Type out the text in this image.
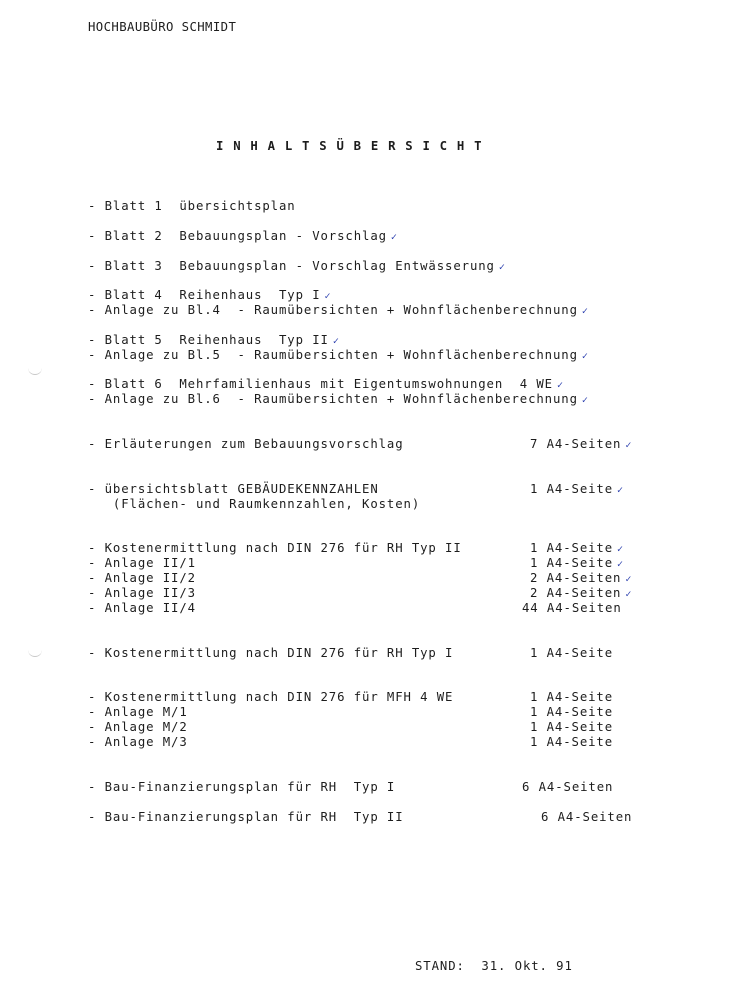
HOCHBAUBÜRO SCHMIDT
I N H A L T S Ü B E R S I C H T
- Blatt 1  übersichtsplan
- Blatt 2  Bebauungsplan - Vorschlag ✓
- Blatt 3  Bebauungsplan - Vorschlag Entwässerung ✓
- Blatt 4  Reihenhaus  Typ I ✓
- Anlage zu Bl.4  - Raumübersichten + Wohnflächenberechnung ✓
- Blatt 5  Reihenhaus  Typ II ✓
- Anlage zu Bl.5  - Raumübersichten + Wohnflächenberechnung ✓
- Blatt 6  Mehrfamilienhaus mit Eigentumswohnungen  4 WE ✓
- Anlage zu Bl.6  - Raumübersichten + Wohnflächenberechnung ✓
7 A4-Seiten ✓
- Erläuterungen zum Bebauungsvorschlag
1 A4-Seite ✓
- übersichtsblatt GEBÄUDEKENNZAHLEN
(Flächen- und Raumkennzahlen, Kosten)
1 A4-Seite ✓
- Kostenermittlung nach DIN 276 für RH Typ II
1 A4-Seite ✓
- Anlage II/1
2 A4-Seiten ✓
- Anlage II/2
2 A4-Seiten ✓
- Anlage II/3
44 A4-Seiten
- Anlage II/4
1 A4-Seite
- Kostenermittlung nach DIN 276 für RH Typ I
1 A4-Seite
- Kostenermittlung nach DIN 276 für MFH 4 WE
1 A4-Seite
- Anlage M/1
1 A4-Seite
- Anlage M/2
1 A4-Seite
- Anlage M/3
6 A4-Seiten
- Bau-Finanzierungsplan für RH  Typ I
6 A4-Seiten
- Bau-Finanzierungsplan für RH  Typ II
STAND:  31. Okt. 91
